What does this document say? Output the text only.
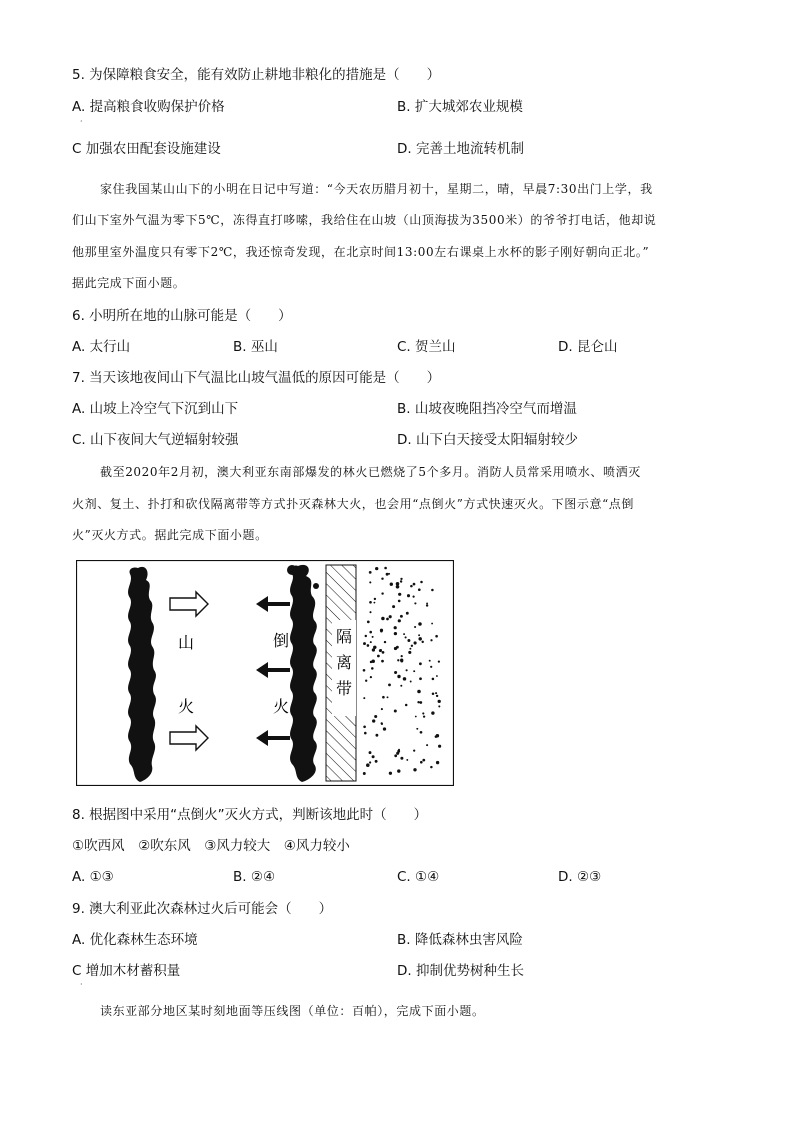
5. 为保障粮食安全，能有效防止耕地非粮化的措施是（　　）
A. 提高粮食收购保护价格	B. 扩大城郊农业规模
·
C 加强农田配套设施建设	D. 完善土地流转机制
家住我国某山山下的小明在日记中写道：“今天农历腊月初十，星期二，晴，早晨7:30出门上学，我
们山下室外气温为零下5℃，冻得直打哆嗦，我给住在山坡（山顶海拔为3500米）的爷爷打电话，他却说
他那里室外温度只有零下2℃，我还惊奇发现，在北京时间13:00左右课桌上水杯的影子刚好朝向正北。”
据此完成下面小题。
6. 小明所在地的山脉可能是（　　）
A. 太行山	B. 巫山	C. 贺兰山	D. 昆仑山
7. 当天该地夜间山下气温比山坡气温低的原因可能是（　　）
A. 山坡上冷空气下沉到山下	B. 山坡夜晚阻挡冷空气而增温
C. 山下夜间大气逆辐射较强	D. 山下白天接受太阳辐射较少
截至2020年2月初，澳大利亚东南部爆发的林火已燃烧了5个多月。消防人员常采用喷水、喷洒灭
火剂、复土、扑打和砍伐隔离带等方式扑灭森林大火，也会用“点倒火”方式快速灭火。下图示意“点倒
火”灭火方式。据此完成下面小题。
隔
离
带
山
火
倒
火
8. 根据图中采用“点倒火”灭火方式，判断该地此时（　　）
①吹西风　②吹东风　③风力较大　④风力较小
A. ①③	B. ②④	C. ①④	D. ②③
9. 澳大利亚此次森林过火后可能会（　　）
A. 优化森林生态环境	B. 降低森林虫害风险
C 增加木材蓄积量	D. 抑制优势树种生长
·
读东亚部分地区某时刻地面等压线图（单位：百帕），完成下面小题。
